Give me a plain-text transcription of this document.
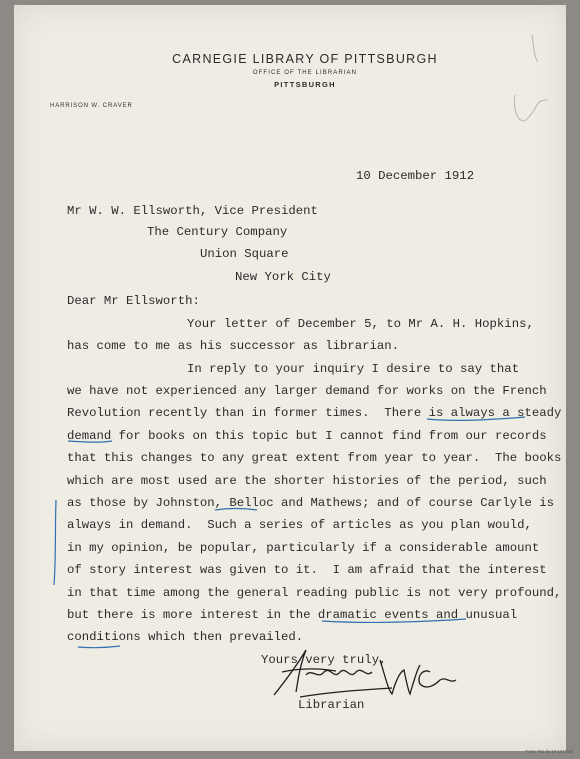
CARNEGIE LIBRARY OF PITTSBURGH
OFFICE OF THE LIBRARIAN
PITTSBURGH
HARRISON W. CRAVER
10 December 1912
Mr W. W. Ellsworth, Vice President
The Century Company
Union Square
New York City
Dear Mr Ellsworth:
Your letter of December 5, to Mr A. H. Hopkins,
has come to me as his successor as librarian.
In reply to your inquiry I desire to say that
we have not experienced any larger demand for works on the French
Revolution recently than in former times.  There is always a steady
demand for books on this topic but I cannot find from our records
that this changes to any great extent from year to year.  The books
which are most used are the shorter histories of the period, such
as those by Johnston, Belloc and Mathews; and of course Carlyle is
always in demand.  Such a series of articles as you plan would,
in my opinion, be popular, particularly if a considerable amount
of story interest was given to it.  I am afraid that the interest
in that time among the general reading public is not very profound,
but there is more interest in the dramatic events and unusual
conditions which then prevailed.
Yours very truly,
Librarian
Form 75a [5-10-15*25e]
